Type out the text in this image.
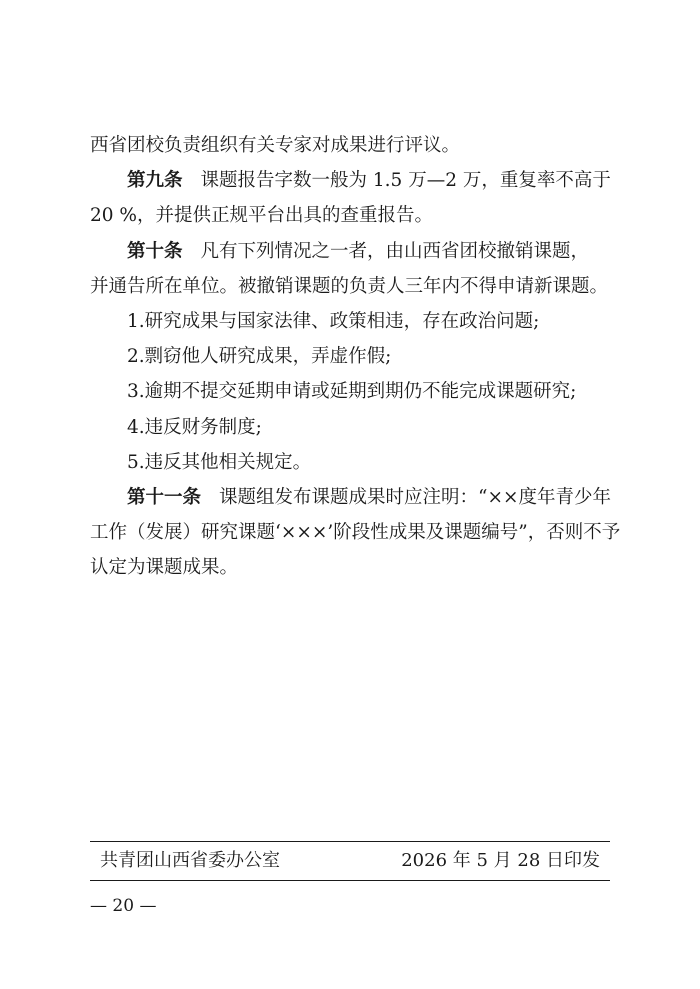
西省团校负责组织有关专家对成果进行评议。
第九条 课题报告字数一般为 1.5 万—2 万，重复率不高于
20 %，并提供正规平台出具的查重报告。
第十条 凡有下列情况之一者，由山西省团校撤销课题，
并通告所在单位。被撤销课题的负责人三年内不得申请新课题。
1.研究成果与国家法律、政策相违，存在政治问题;
2.剽窃他人研究成果，弄虚作假;
3.逾期不提交延期申请或延期到期仍不能完成课题研究;
4.违反财务制度;
5.违反其他相关规定。
第十一条 课题组发布课题成果时应注明：“××度年青少年
工作（发展）研究课题‘×××’阶段性成果及课题编号”，否则不予
认定为课题成果。
共青团山西省委办公室	2026 年 5 月 28 日印发
— 20 —
